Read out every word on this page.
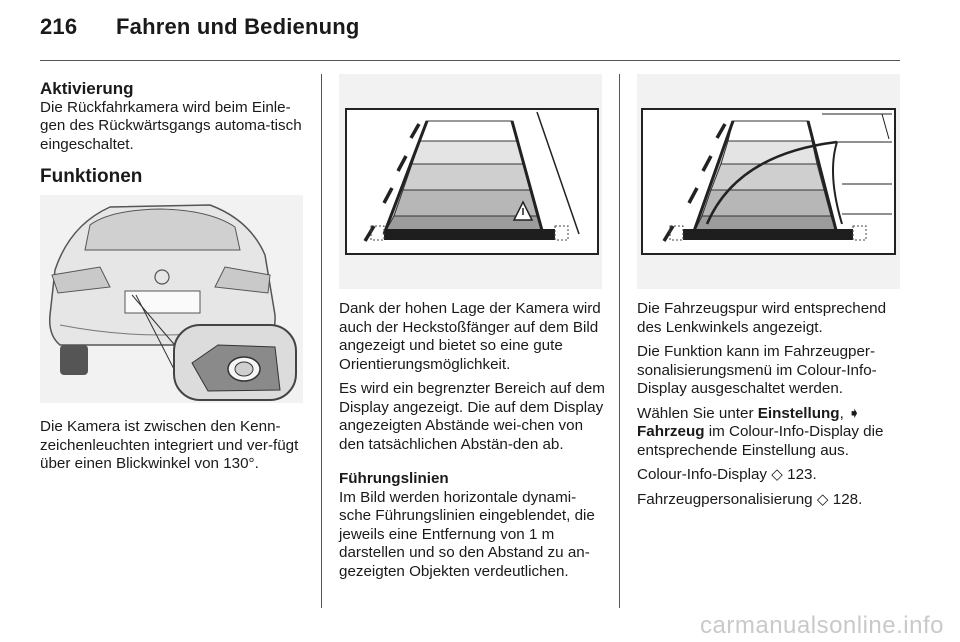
216 Fahren und Bedienung
Aktivierung

Die Rückfahrkamera wird beim Einle-gen des Rückwärtsgangs automa-tisch eingeschaltet.

Funktionen

Die Kamera ist zwischen den Kenn-zeichenleuchten integriert und ver-fügt über einen Blickwinkel von 130°.

Dank der hohen Lage der Kamera wird auch der Heckstoßfänger auf dem Bild angezeigt und bietet so eine gute Orientierungsmöglichkeit.

Es wird ein begrenzter Bereich auf dem Display angezeigt. Die auf dem Display angezeigten Abstände wei-chen von den tatsächlichen Abstän-den ab.

Führungslinien

Im Bild werden horizontale dynami-sche Führungslinien eingeblendet, die jeweils eine Entfernung von 1 m darstellen und so den Abstand zu an-gezeigten Objekten verdeutlichen.

Die Fahrzeugspur wird entsprechend des Lenkwinkels angezeigt.

Die Funktion kann im Fahrzeugper-sonalisierungsmenü im Colour-Info-Display ausgeschaltet werden.

Wählen Sie unter Einstellung, ➧
Fahrzeug im Colour-Info-Display die entsprechende Einstellung aus.

Colour-Info-Display ◇ 123.

Fahrzeugpersonalisierung ◇ 128.

carmanualsonline.info
